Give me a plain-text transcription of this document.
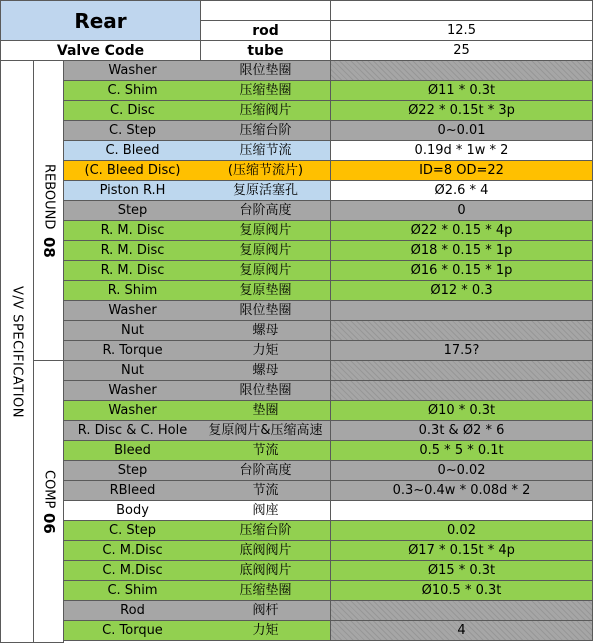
Rear
Valve Code
rod	12.5
tube	25
V/V SPECIFICATION
REBOUND

08
COMP

06
Washer	限位垫圈
C. Shim	压缩垫圈	Ø11 * 0.3t
C. Disc	压缩阀片	Ø22 * 0.15t * 3p
C. Step	压缩台阶	0~0.01
C. Bleed	压缩节流	0.19d * 1w * 2
(C. Bleed Disc)	(压缩节流片)	ID=8 OD=22
Piston R.H	复原活塞孔	Ø2.6 * 4
Step	台阶高度	0
R. M. Disc	复原阀片	Ø22 * 0.15 * 4p
R. M. Disc	复原阀片	Ø18 * 0.15 * 1p
R. M. Disc	复原阀片	Ø16 * 0.15 * 1p
R. Shim	复原垫圈	Ø12 * 0.3
Washer	限位垫圈
Nut	螺母
R. Torque	力矩	17.5?
Nut	螺母
Washer	限位垫圈
Washer	垫圈	Ø10 * 0.3t
R. Disc & C. Hole	复原阀片&压缩高速	0.3t & Ø2 * 6
Bleed	节流	0.5 * 5 * 0.1t
Step	台阶高度	0~0.02
RBleed	节流	0.3~0.4w * 0.08d * 2
Body	阀座
C. Step	压缩台阶	0.02
C. M.Disc	底阀阀片	Ø17 * 0.15t * 4p
C. M.Disc	底阀阀片	Ø15 * 0.3t
C. Shim	压缩垫圈	Ø10.5 * 0.3t
Rod	阀杆
C. Torque	力矩	4
